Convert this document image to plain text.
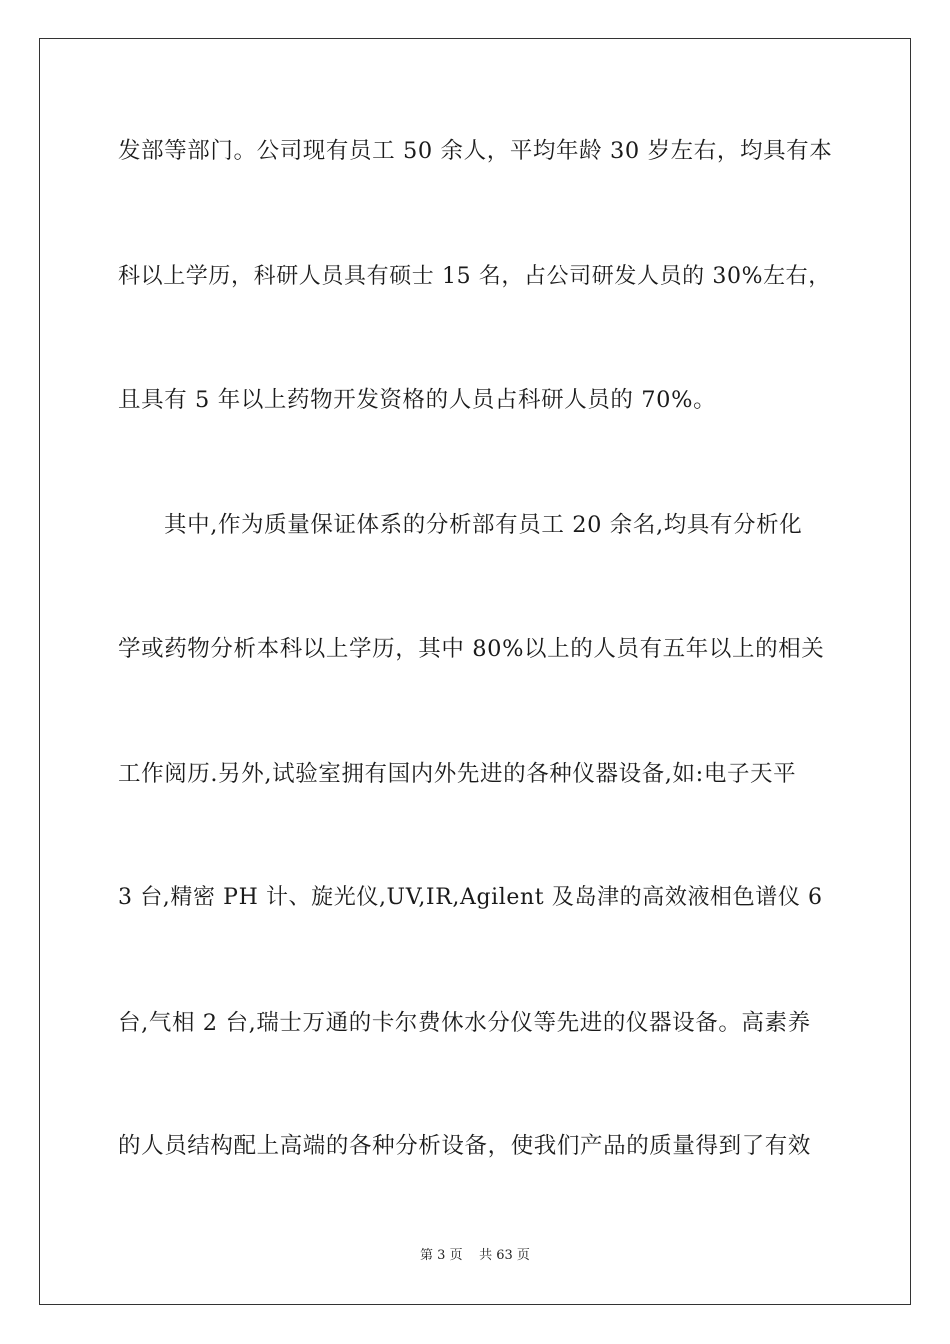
发部等部门。公司现有员工 50 余人，平均年龄 30 岁左右，均具有本
科以上学历，科研人员具有硕士 15 名，占公司研发人员的 30%左右，
且具有 5 年以上药物开发资格的人员占科研人员的 70%。
其中,作为质量保证体系的分析部有员工 20 余名,均具有分析化
学或药物分析本科以上学历，其中 80%以上的人员有五年以上的相关
工作阅历.另外,试验室拥有国内外先进的各种仪器设备,如:电子天平
3 台,精密 PH 计、旋光仪,UV,IR,Agilent 及岛津的高效液相色谱仪 6
台,气相 2 台,瑞士万通的卡尔费休水分仪等先进的仪器设备。高素养
的人员结构配上高端的各种分析设备，使我们产品的质量得到了有效
第 3 页 共 63 页
